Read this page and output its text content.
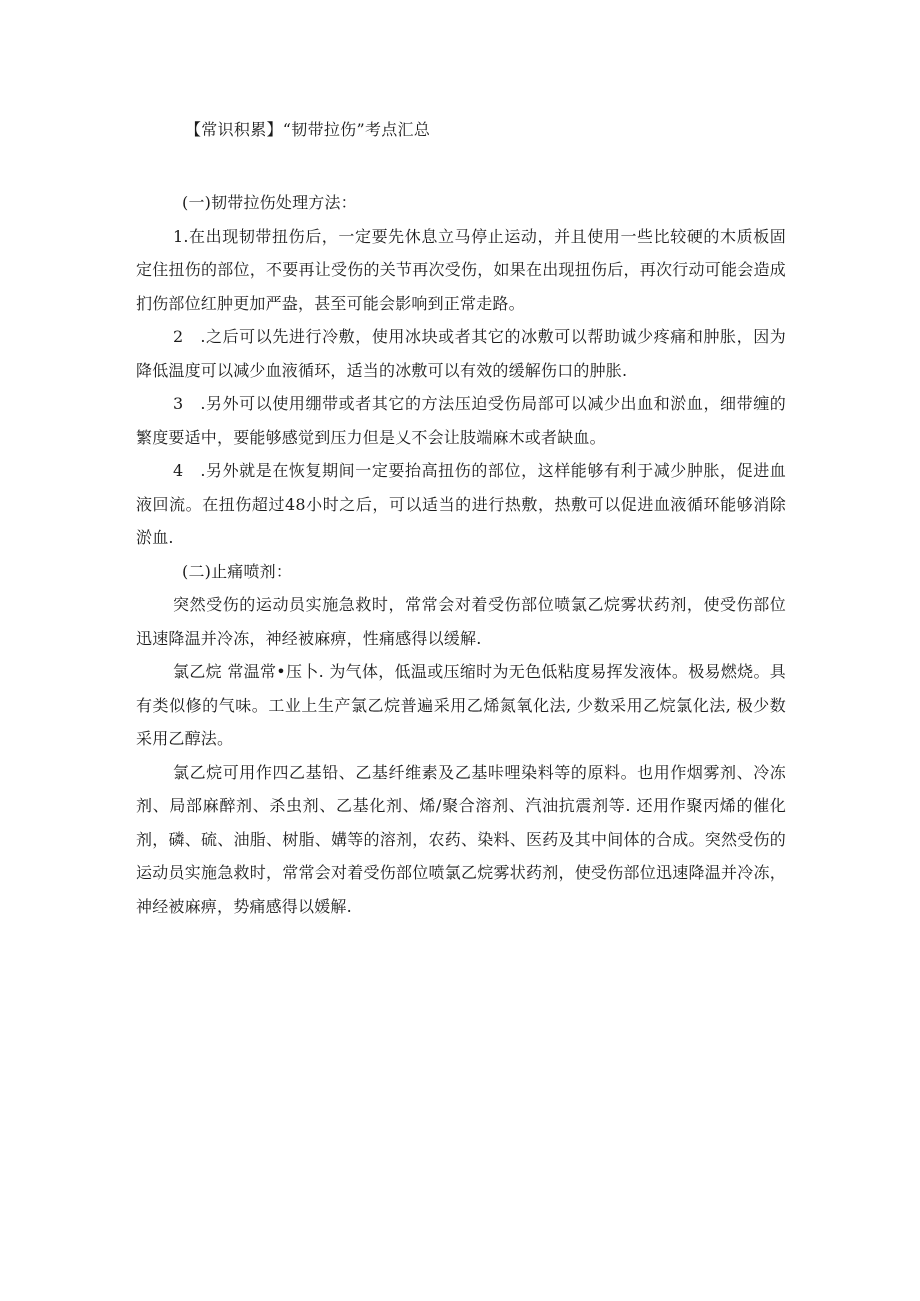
【常识积累】“韧带拉伤”考点汇总

(一)韧带拉伤处理方法：

1.在出现韧带扭伤后，一定要先休息立马停止运动，并且使用一些比较硬的木质板固定住扭伤的部位，不要再让受伤的关节再次受伤，如果在出现扭伤后，再次行动可能会造成扪伤部位红肿更加严盎，甚至可能会影响到正常走路。

2　.之后可以先进行冷敷，使用冰块或者其它的冰敷可以帮助诚少疼痛和肿胀，因为降低温度可以减少血液循环，适当的冰敷可以有效的缓解伤口的肿胀.

3　.另外可以使用绷带或者其它的方法压迫受伤局部可以减少出血和淤血，细带缠的繁度要适中，要能够感觉到压力但是乂不会让肢端麻木或者缺血。

4　.另外就是在恢复期间一定要抬高扭伤的部位，这样能够有利于减少肿胀，促进血液回流。在扭伤超过48小时之后，可以适当的进行热敷，热敷可以促进血液循环能够消除淤血.

(二)止痛喷剂：

突然受伤的运动员实施急救时，常常会对着受伤部位喷氯乙烷雾状药剂，使受伤部位迅速降温并冷冻，神经被麻痹，性痛感得以缓解.

氯乙烷 常温常•压卜. 为气体，低温或压缩时为无色低粘度易挥发液体。极易燃烧。具有类似修的气味。工业上生产氯乙烷普遍采用乙烯氮氧化法, 少数采用乙烷氯化法, 极少数采用乙醇法。

氯乙烷可用作四乙基铅、乙基纤维素及乙基咔哩染料等的原料。也用作烟雾剂、冷冻剂、局部麻醉剂、杀虫剂、乙基化剂、烯/聚合溶剂、汽油抗震剂等. 还用作聚丙烯的催化剂，磷、硫、油脂、树脂、媾等的溶剂，农药、染料、医药及其中间体的合成。突然受伤的运动员实施急救时，常常会对着受伤部位喷氯乙烷雾状药剂，使受伤部位迅速降温并冷冻，神经被麻痹，势痛感得以媛解.
